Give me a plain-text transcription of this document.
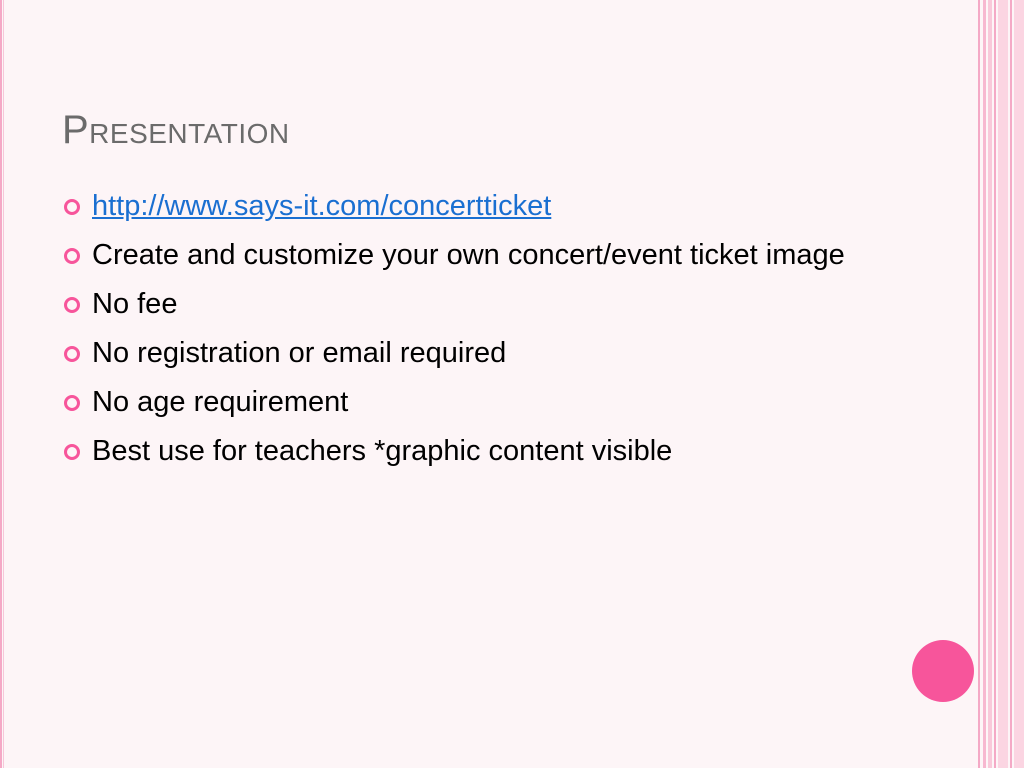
Presentation
http://www.says-it.com/concertticket
Create and customize your own concert/event ticket image
No fee
No registration or email required
No age requirement
Best use for teachers *graphic content visible
